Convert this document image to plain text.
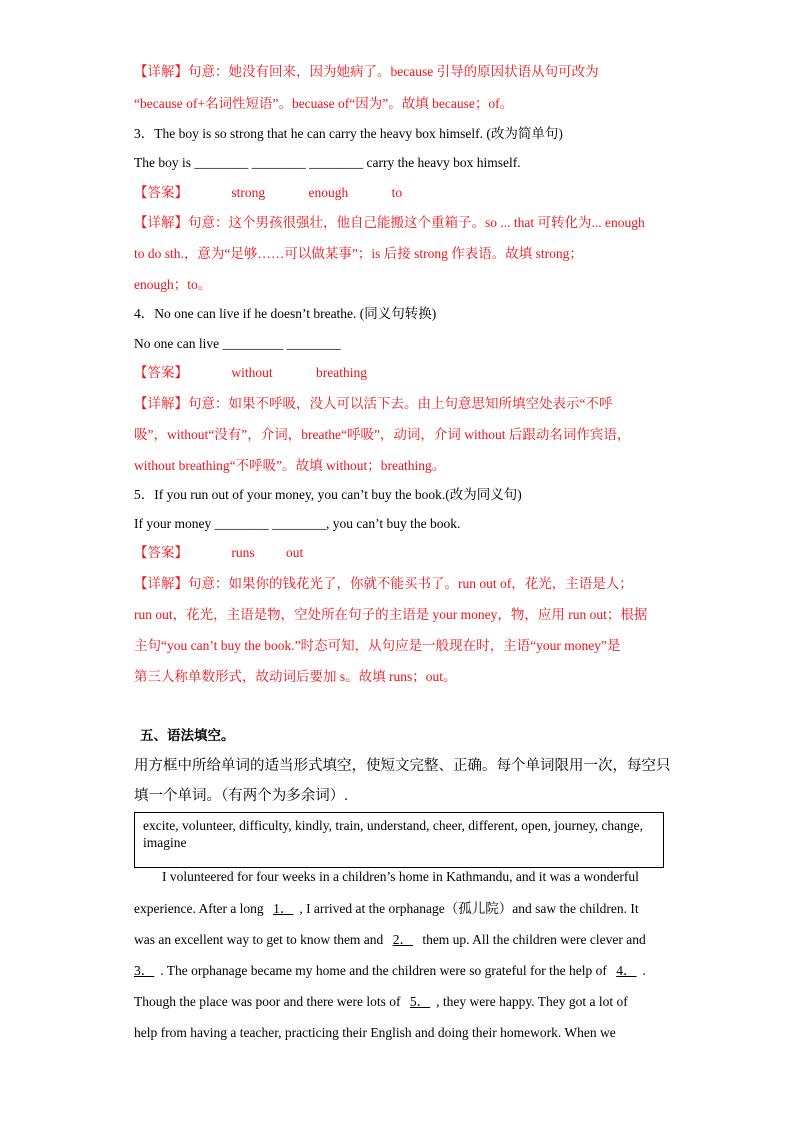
【详解】句意：她没有回来，因为她病了。because 引导的原因状语从句可改为
“because of+名词性短语”。becuase of“因为”。故填 because；of。
3．The boy is so strong that he can carry the heavy box himself. (改为简单句)
The boy is ________ ________ ________ carry the heavy box himself.
【答案】	strong	enough	to
【详解】句意：这个男孩很强壮，他自己能搬这个重箱子。so ... that 可转化为... enough
to do sth.，意为“足够……可以做某事”；is 后接 strong 作表语。故填 strong；
enough；to。
4．No one can live if he doesn’t breathe. (同义句转换)
No one can live _________ ________
【答案】	without	breathing
【详解】句意：如果不呼吸，没人可以活下去。由上句意思知所填空处表示“不呼
吸”，without“没有”，介词，breathe“呼吸”，动词，介词 without 后跟动名词作宾语，
without breathing“不呼吸”。故填 without；breathing。
5．If you run out of your money, you can’t buy the book.(改为同义句)
If your money ________ ________, you can’t buy the book.
【答案】	runs out
【详解】句意：如果你的钱花光了，你就不能买书了。run out of，花光，主语是人；
run out，花光，主语是物，空处所在句子的主语是 your money，物，应用 run out；根据
主句“you can’t buy the book.”时态可知，从句应是一般现在时，主语“your money”是
第三人称单数形式，故动词后要加 s。故填 runs；out。
五、语法填空。
用方框中所给单词的适当形式填空，使短文完整、正确。每个单词限用一次，每空只
填一个单词。（有两个为多余词）.
excite, volunteer, difficulty, kindly, train, understand, cheer, different, open, journey, change, imagine
I volunteered for four weeks in a children’s home in Kathmandu, and it was a wonderful
experience. After a long 1． , I arrived at the orphanage（孤儿院）and saw the children. It
was an excellent way to get to know them and 2． them up. All the children were clever and
3． . The orphanage became my home and the children were so grateful for the help of 4． .
Though the place was poor and there were lots of 5． , they were happy. They got a lot of
help from having a teacher, practicing their English and doing their homework. When we
